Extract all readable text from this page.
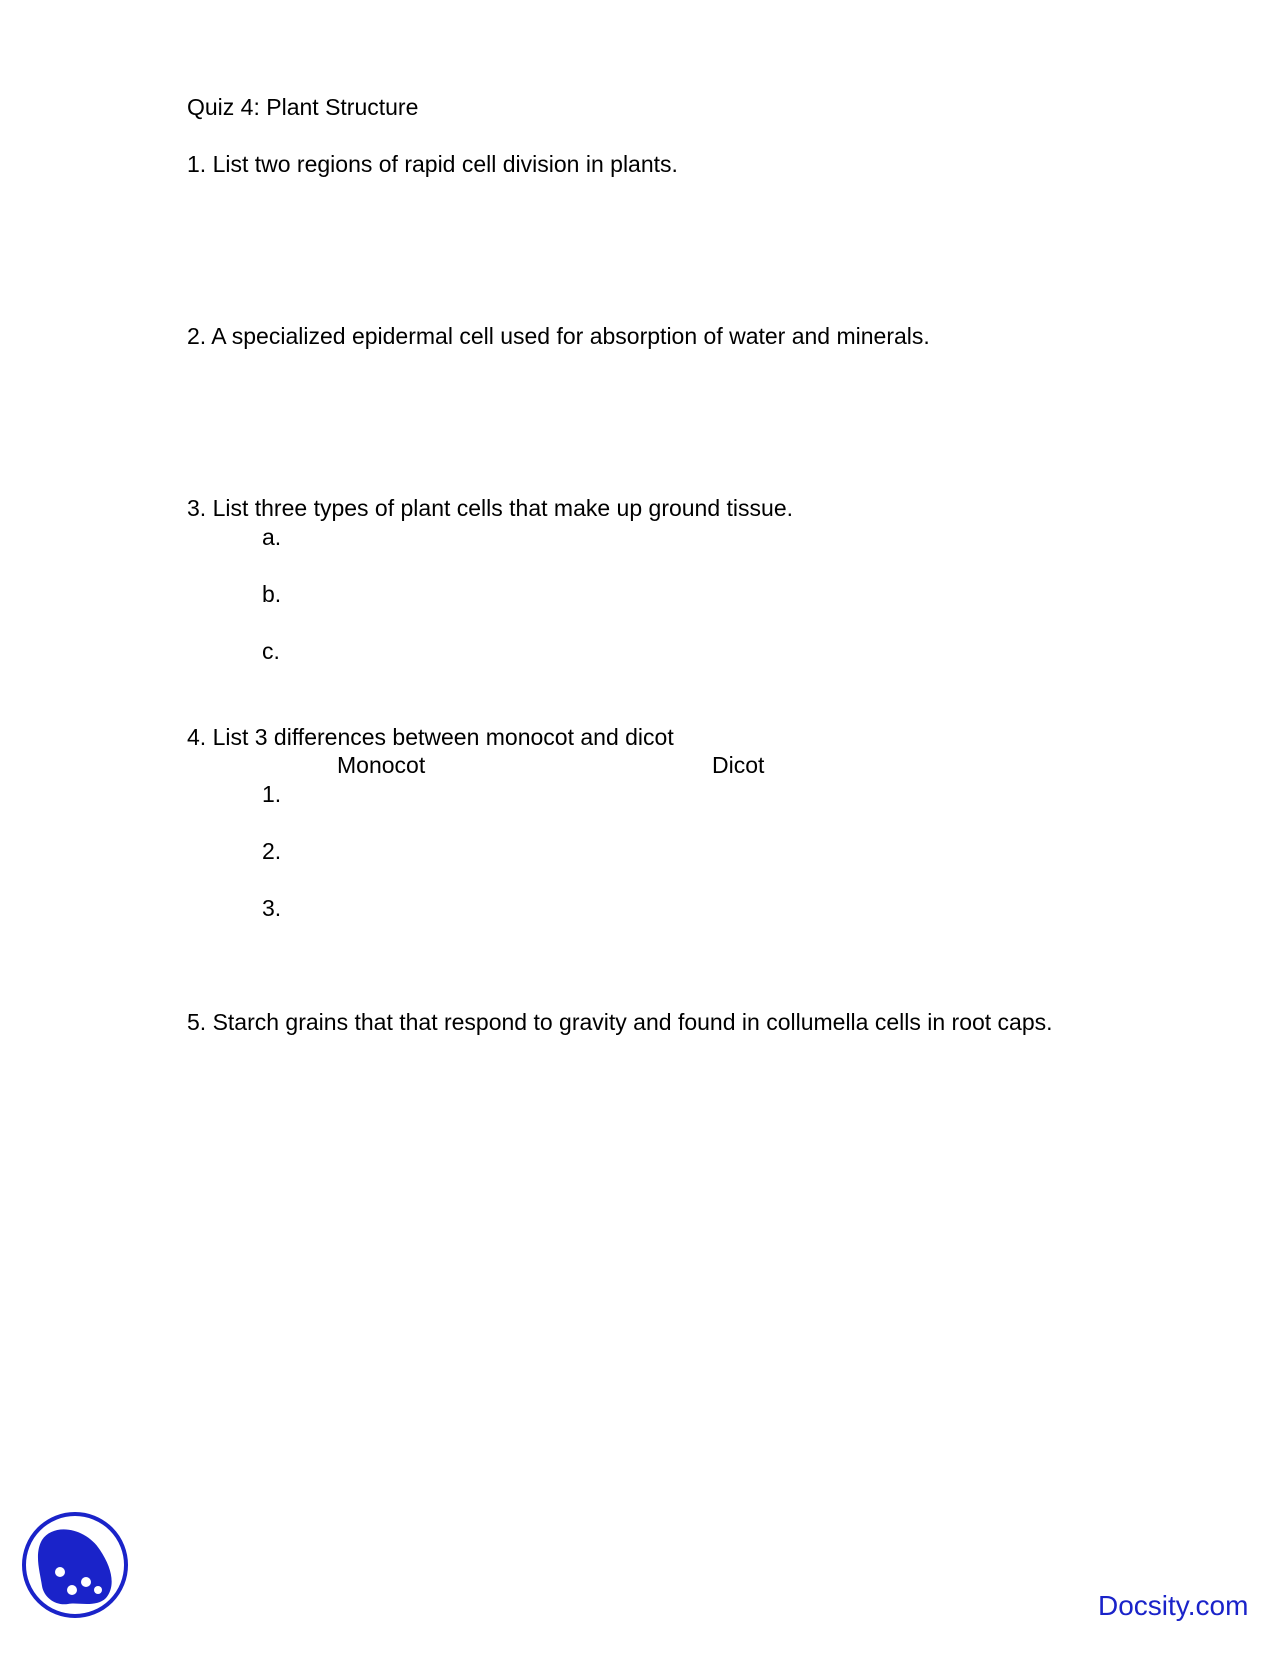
Quiz 4: Plant Structure
1. List two regions of rapid cell division in plants.
2. A specialized epidermal cell used for absorption of water and minerals.
3. List three types of plant cells that make up ground tissue.
a.
b.
c.
4. List 3 differences between monocot and dicot
Monocot	Dicot
1.
2.
3.
5. Starch grains that that respond to gravity and found in collumella cells in root caps.
Docsity.com
